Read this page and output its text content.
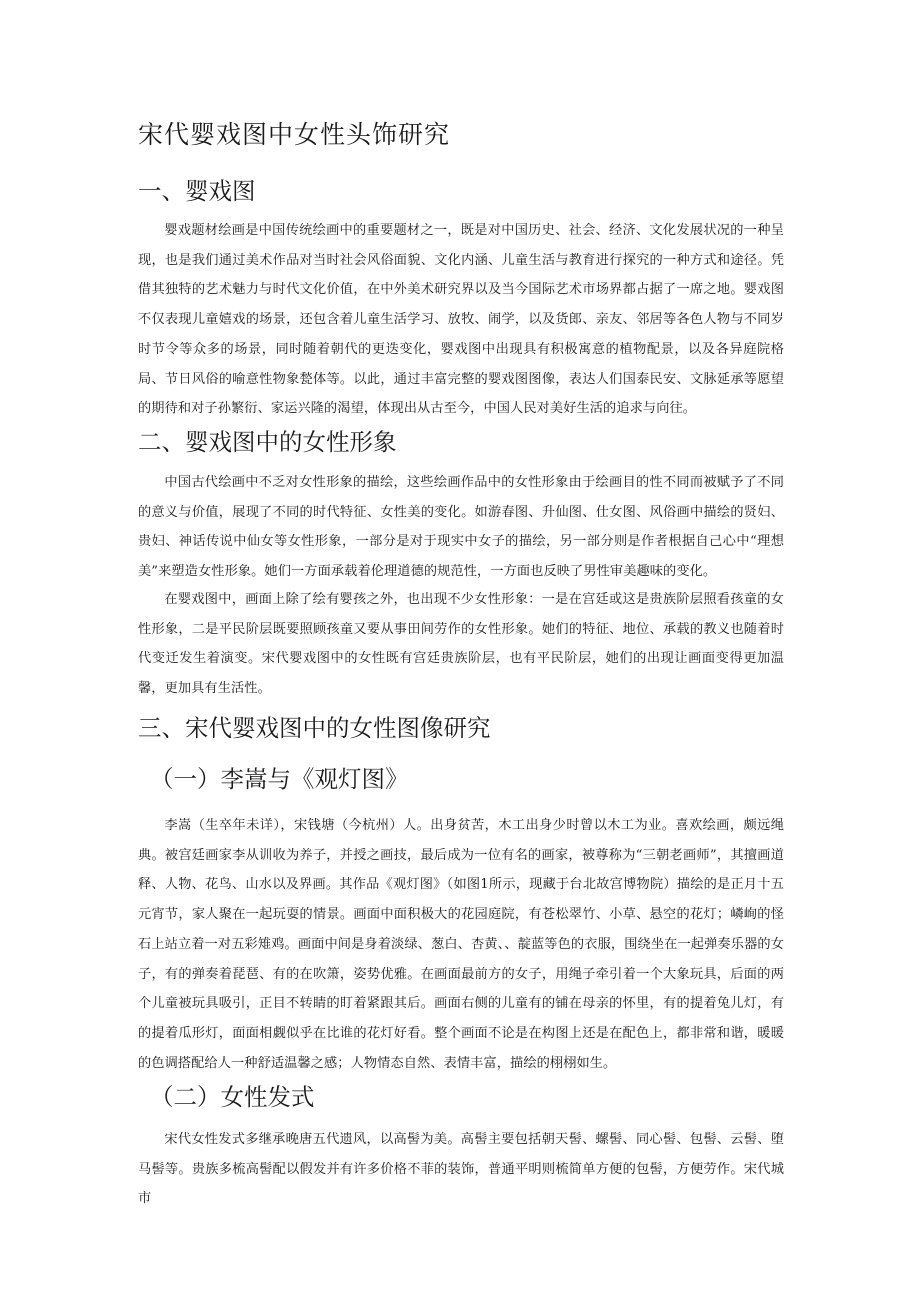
宋代婴戏图中女性头饰研究
一、婴戏图

婴戏题材绘画是中国传统绘画中的重要题材之一，既是对中国历史、社会、经济、文化发展状况的一种呈现，也是我们通过美术作品对当时社会风俗面貌、文化内涵、儿童生活与教育进行探究的一种方式和途径。凭借其独特的艺术魅力与时代文化价值，在中外美术研究界以及当今国际艺术市场界都占据了一席之地。婴戏图不仅表现儿童嬉戏的场景，还包含着儿童生活学习、放牧、闹学，以及货郎、亲友、邻居等各色人物与不同岁时节令等众多的场景，同时随着朝代的更迭变化，婴戏图中出现具有积极寓意的植物配景，以及各异庭院格局、节日风俗的喻意性物象甃体等。以此，通过丰富完整的婴戏图图像，表达人们国泰民安、文脉延承等愿望的期待和对子孙繁衍、家运兴隆的渴望，体现出从古至今，中国人民对美好生活的追求与向往。

二、婴戏图中的女性形象

中国古代绘画中不乏对女性形象的描绘，这些绘画作品中的女性形象由于绘画目的性不同而被赋予了不同的意义与价值，展现了不同的时代特征、女性美的变化。如游春图、升仙图、仕女图、风俗画中描绘的贤妇、贵妇、神话传说中仙女等女性形象，一部分是对于现实中女子的描绘，另一部分则是作者根据自己心中“理想美”来塑造女性形象。她们一方面承载着伦理道德的规范性，一方面也反映了男性审美趣味的变化。

在婴戏图中，画面上除了绘有婴孩之外，也出现不少女性形象：一是在宫廷或这是贵族阶层照看孩童的女性形象，二是平民阶层既要照顾孩童又要从事田间劳作的女性形象。她们的特征、地位、承载的教义也随着时代变迁发生着演变。宋代婴戏图中的女性既有宫廷贵族阶层，也有平民阶层，她们的出现让画面变得更加温馨，更加具有生活性。

三、宋代婴戏图中的女性图像研究
（一）李嵩与《观灯图》

李嵩（生卒年未详），宋钱塘（今杭州）人。出身贫苦，木工出身少时曾以木工为业。喜欢绘画，颇远绳典。被宫廷画家李从训收为养子，并授之画技，最后成为一位有名的画家，被尊称为“三朝老画师”，其擅画道释、人物、花鸟、山水以及界画。其作品《观灯图》（如图1所示，现藏于台北故宫博物院）描绘的是正月十五元宵节，家人聚在一起玩耍的情景。画面中面积极大的花园庭院，有苍松翠竹、小草、悬空的花灯；嶙峋的怪石上站立着一对五彩雉鸡。画面中间是身着淡绿、葱白、杏黄、、靛蓝等色的衣服，围绕坐在一起弹奏乐器的女子，有的弹奏着琵琶、有的在吹箫，姿势优雅。在画面最前方的女子，用绳子牵引着一个大象玩具，后面的两个儿童被玩具吸引，正目不转睛的盯着紧跟其后。画面右侧的儿童有的铺在母亲的怀里，有的提着兔儿灯，有的提着瓜形灯，面面相觑似乎在比谁的花灯好看。整个画面不论是在构图上还是在配色上，都非常和谐，暖暖的色调搭配给人一种舒适温馨之感；人物情态自然、表情丰富，描绘的栩栩如生。

（二）女性发式

宋代女性发式多继承晚唐五代遗风，以高髻为美。高髻主要包括朝天髻、螺髻、同心髻、包髻、云髻、堕马髻等。贵族多梳高髻配以假发并有许多价格不菲的装饰，普通平明则梳简单方便的包髻，方便劳作。宋代城市
